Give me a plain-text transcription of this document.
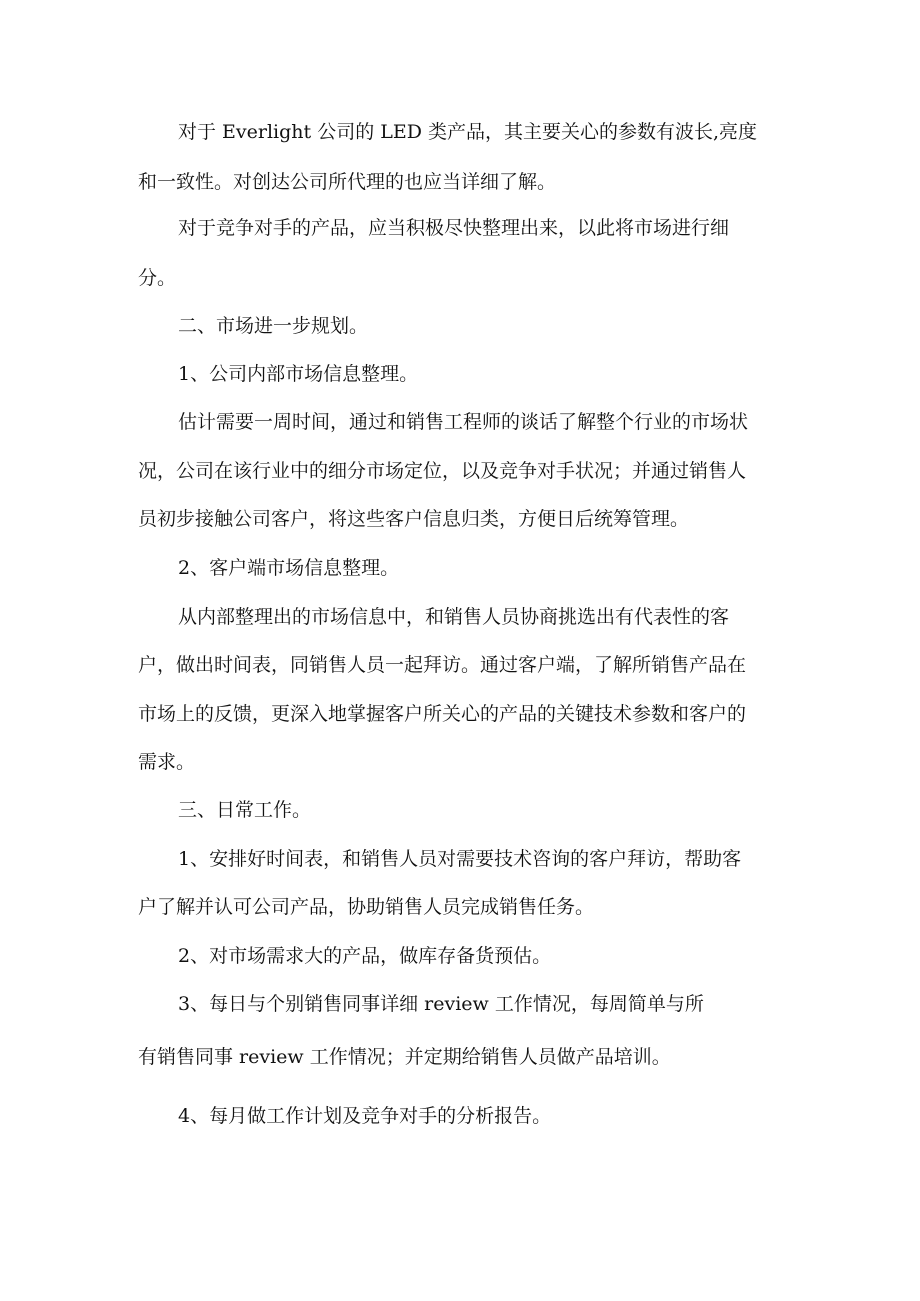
对于 Everlight 公司的 LED 类产品，其主要关心的参数有波长,亮度

和一致性。对创达公司所代理的也应当详细了解。

对于竞争对手的产品，应当积极尽快整理出来，以此将市场进行细

分。

二、市场进一步规划。

1、公司内部市场信息整理。

估计需要一周时间，通过和销售工程师的谈话了解整个行业的市场状

况，公司在该行业中的细分市场定位，以及竞争对手状况；并通过销售人

员初步接触公司客户，将这些客户信息归类，方便日后统筹管理。

2、客户端市场信息整理。

从内部整理出的市场信息中，和销售人员协商挑选出有代表性的客

户，做出时间表，同销售人员一起拜访。通过客户端，了解所销售产品在

市场上的反馈，更深入地掌握客户所关心的产品的关键技术参数和客户的

需求。

三、日常工作。

1、安排好时间表，和销售人员对需要技术咨询的客户拜访，帮助客

户了解并认可公司产品，协助销售人员完成销售任务。

2、对市场需求大的产品，做库存备货预估。

3、每日与个别销售同事详细 review 工作情况，每周简单与所

有销售同事 review 工作情况；并定期给销售人员做产品培训。

4、每月做工作计划及竞争对手的分析报告。
